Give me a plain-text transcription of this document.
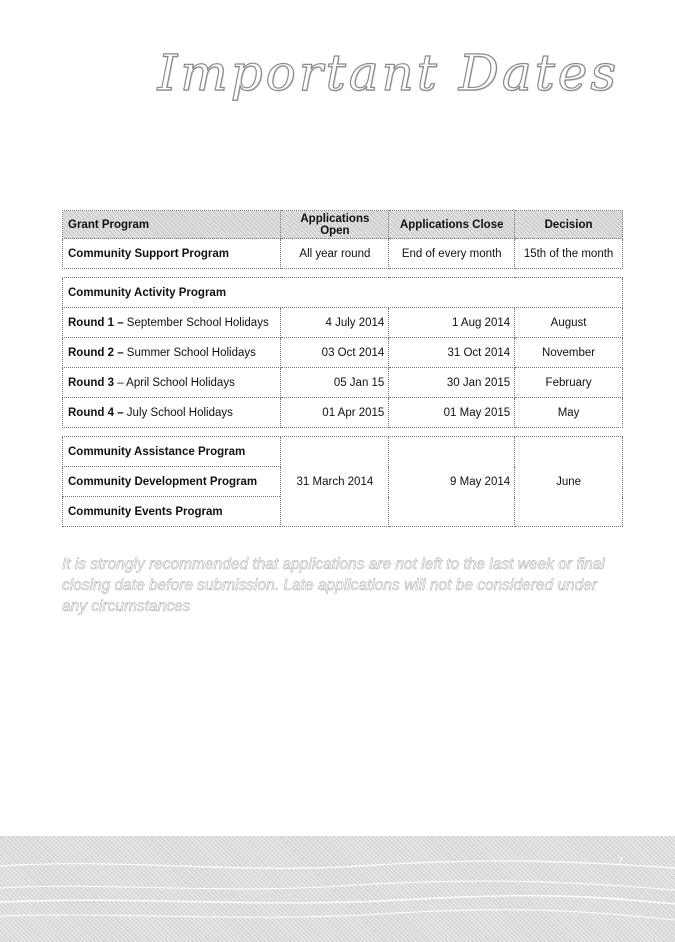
Important Dates
Grant Program	Applications Open	Applications Close	Decision
Community Support Program	All year round	End of every month	15th of the month

Community Activity Program			
Round 1 – September School Holidays	4 July 2014	1 Aug 2014	August
Round 2 – Summer School Holidays	03 Oct 2014	31 Oct 2014	November
Round 3 – April School Holidays	05 Jan 15	30 Jan 2015	February
Round 4 – July School Holidays	01 Apr 2015	01 May 2015	May

Community Assistance Program	31 March 2014	9 May 2014	June
Community Development Program			
Community Events Program			

It is strongly recommended that applications are not left to the last week or final closing date before submission. Late applications will not be considered under any circumstances

7
